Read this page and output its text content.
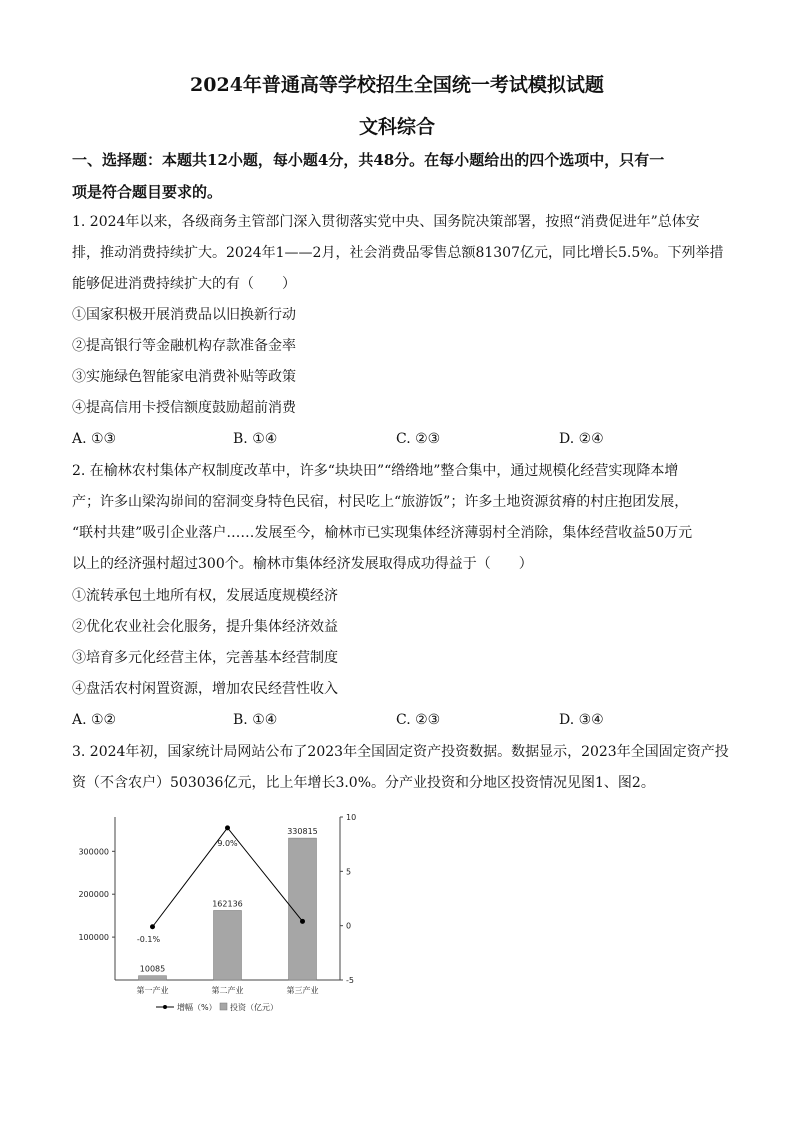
2024年普通高等学校招生全国统一考试模拟试题
文科综合
一、选择题：本题共12小题，每小题4分，共48分。在每小题给出的四个选项中，只有一
项是符合题目要求的。
1. 2024年以来，各级商务主管部门深入贯彻落实党中央、国务院决策部署，按照“消费促进年”总体安
排，推动消费持续扩大。2024年1——2月，社会消费品零售总额81307亿元，同比增长5.5%。下列举措
能够促进消费持续扩大的有（　　）
①国家积极开展消费品以旧换新行动
②提高银行等金融机构存款准备金率
③实施绿色智能家电消费补贴等政策
④提高信用卡授信额度鼓励超前消费
A. ①③	B. ①④	C. ②③	D. ②④
2. 在榆林农村集体产权制度改革中，许多“块块田”“绺绺地”整合集中，通过规模化经营实现降本增
产；许多山梁沟峁间的窑洞变身特色民宿，村民吃上“旅游饭”；许多土地资源贫瘠的村庄抱团发展，
“联村共建”吸引企业落户……发展至今，榆林市已实现集体经济薄弱村全消除，集体经营收益50万元
以上的经济强村超过300个。榆林市集体经济发展取得成功得益于（　　）
①流转承包土地所有权，发展适度规模经济
②优化农业社会化服务，提升集体经济效益
③培育多元化经营主体，完善基本经营制度
④盘活农村闲置资源，增加农民经营性收入
A. ①②	B. ①④	C. ②③	D. ③④
3. 2024年初，国家统计局网站公布了2023年全国固定资产投资数据。数据显示，2023年全国固定资产投
资（不含农户）503036亿元，比上年增长3.0%。分产业投资和分地区投资情况见图1、图2。
100000
200000
300000
-5
0
5
10
10085
162136
330815
第一产业	第二产业	第三产业
-0.1%
9.0%
增幅（%） 投资（亿元）
